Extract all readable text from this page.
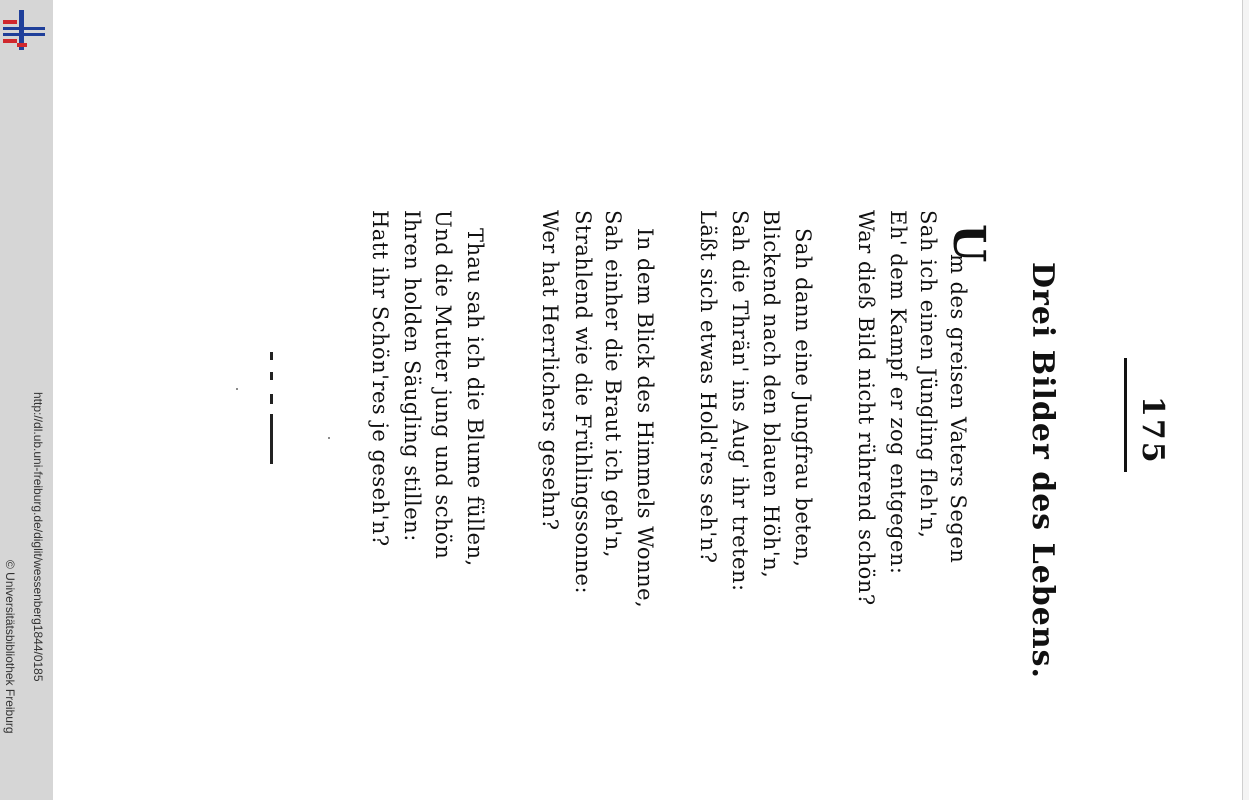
http://dl.ub.uni-freiburg.de/diglit/wessenberg1844/0185
© Universitätsbibliothek Freiburg
175
Drei Bilder des Lebens.
U
m des greisen Vaters Segen
Sah ich einen Jüngling fleh'n,
Eh' dem Kampf er zog entgegen:
War dieß Bild nicht rührend schön?
Sah dann eine Jungfrau beten,
Blickend nach den blauen Höh'n,
Sah die Thrän' ins Aug' ihr treten:
Läßt sich etwas Hold'res seh'n?
In dem Blick des Himmels Wonne,
Sah einher die Braut ich geh'n,
Strahlend wie die Frühlingssonne:
Wer hat Herrlichers gesehn?
Thau sah ich die Blume füllen,
Und die Mutter jung und schön
Ihren holden Säugling stillen:
Hatt ihr Schön'res je geseh'n?
